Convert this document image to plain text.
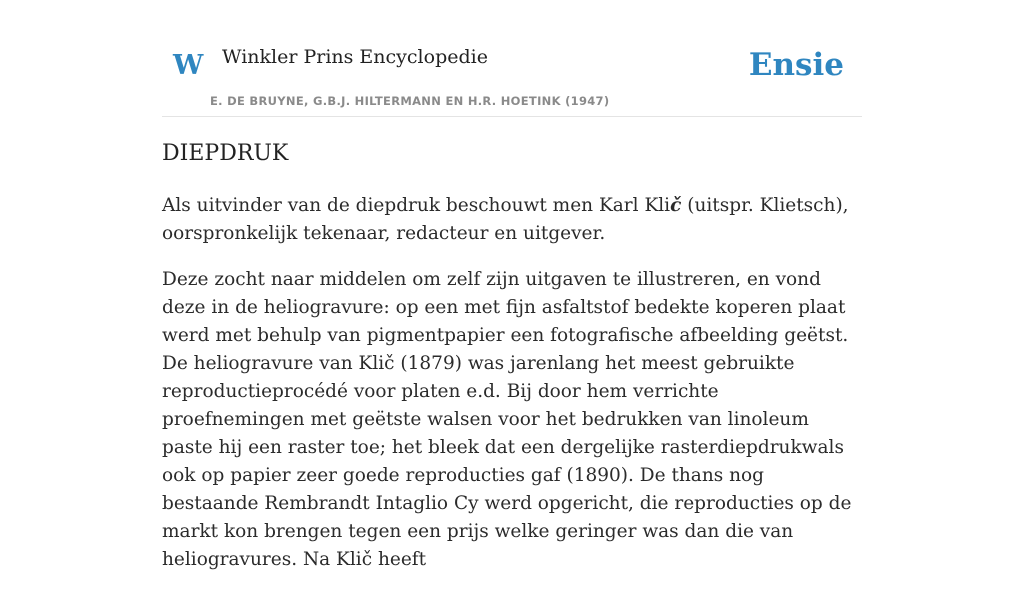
W Winkler Prins Encyclopedie
E. DE BRUYNE, G.B.J. HILTERMANN EN H.R. HOETINK (1947)
Ensie
DIEPDRUK

Als uitvinder van de diepdruk beschouwt men Karl Klič (uitspr. Klietsch), oorspronkelijk tekenaar, redacteur en uitgever.

Deze zocht naar middelen om zelf zijn uitgaven te illustreren, en vond deze in de heliogravure: op een met fijn asfaltstof bedekte koperen plaat werd met behulp van pigmentpapier een fotografische afbeelding geëtst. De heliogravure van Klič (1879) was jarenlang het meest gebruikte reproductieprocédé voor platen e.d. Bij door hem verrichte proefnemingen met geëtste walsen voor het bedrukken van linoleum paste hij een raster toe; het bleek dat een dergelijke rasterdiepdrukwals ook op papier zeer goede reproducties gaf (1890). De thans nog bestaande Rembrandt Intaglio Cy werd opgericht, die reproducties op de markt kon brengen tegen een prijs welke geringer was dan die van heliogravures. Na Klič heeft
